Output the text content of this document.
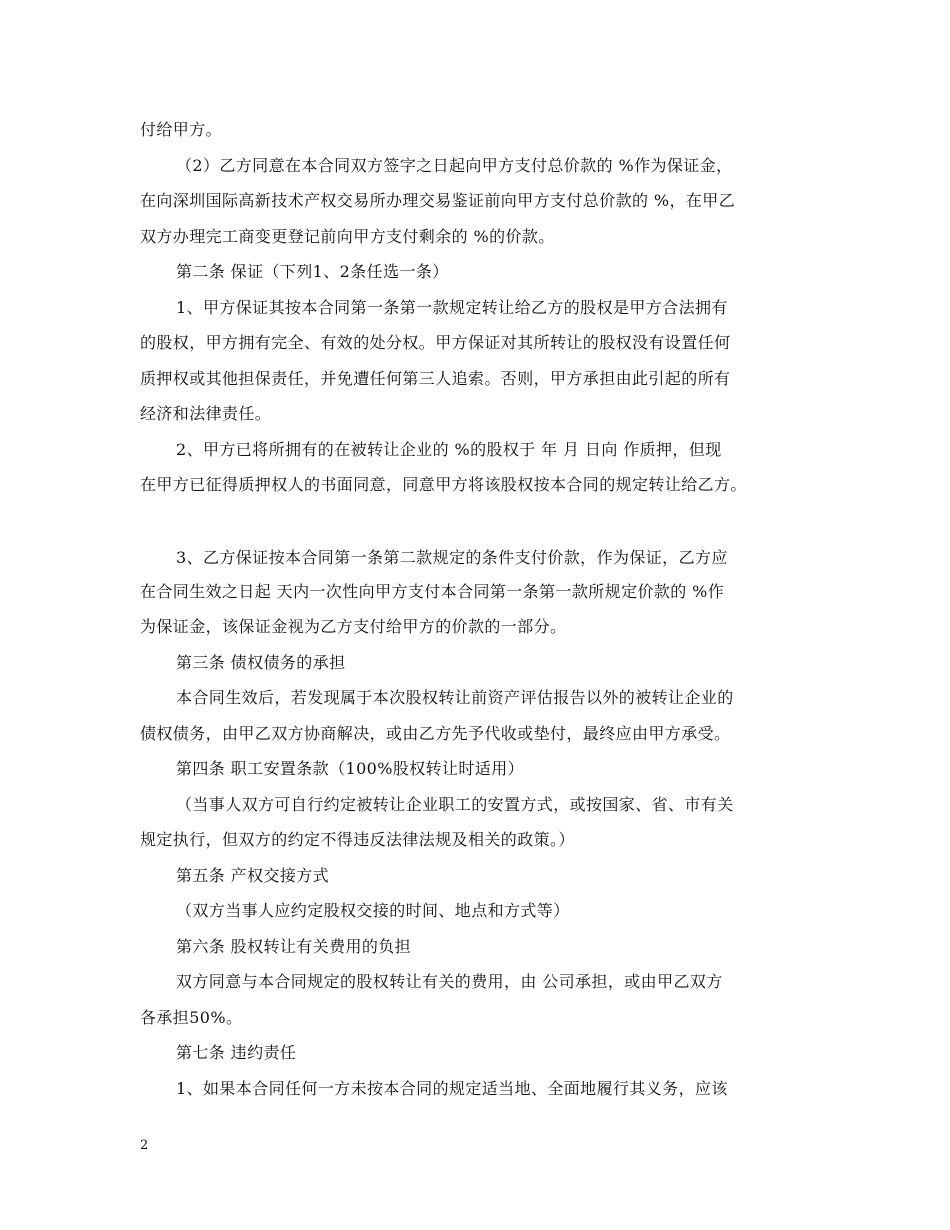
付给甲方。
（2）乙方同意在本合同双方签字之日起向甲方支付总价款的 %作为保证金，
在向深圳国际高新技术产权交易所办理交易鉴证前向甲方支付总价款的 %，在甲乙
双方办理完工商变更登记前向甲方支付剩余的 %的价款。
第二条 保证（下列1、2条任选一条）
1、甲方保证其按本合同第一条第一款规定转让给乙方的股权是甲方合法拥有
的股权，甲方拥有完全、有效的处分权。甲方保证对其所转让的股权没有设置任何
质押权或其他担保责任，并免遭任何第三人追索。否则，甲方承担由此引起的所有
经济和法律责任。
2、甲方已将所拥有的在被转让企业的 %的股权于 年 月 日向 作质押，但现
在甲方已征得质押权人的书面同意，同意甲方将该股权按本合同的规定转让给乙方。
3、乙方保证按本合同第一条第二款规定的条件支付价款，作为保证，乙方应
在合同生效之日起 天内一次性向甲方支付本合同第一条第一款所规定价款的 %作
为保证金，该保证金视为乙方支付给甲方的价款的一部分。
第三条 债权债务的承担
本合同生效后，若发现属于本次股权转让前资产评估报告以外的被转让企业的
债权债务，由甲乙双方协商解决，或由乙方先予代收或垫付，最终应由甲方承受。
第四条 职工安置条款（100%股权转让时适用）
（当事人双方可自行约定被转让企业职工的安置方式，或按国家、省、市有关
规定执行，但双方的约定不得违反法律法规及相关的政策。）
第五条 产权交接方式
（双方当事人应约定股权交接的时间、地点和方式等）
第六条 股权转让有关费用的负担
双方同意与本合同规定的股权转让有关的费用，由 公司承担，或由甲乙双方
各承担50%。
第七条 违约责任
1、如果本合同任何一方未按本合同的规定适当地、全面地履行其义务，应该
2
